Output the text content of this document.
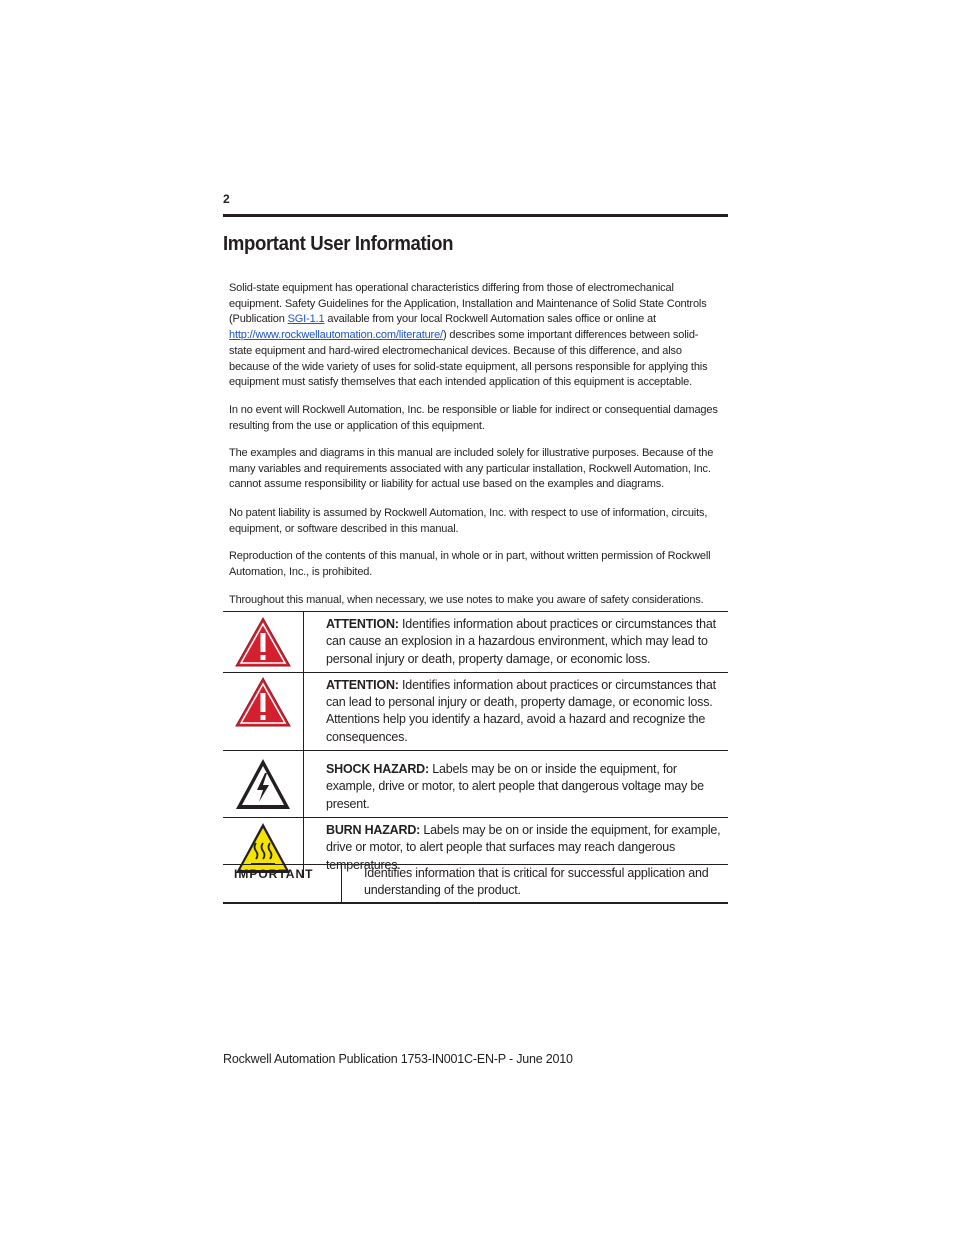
2
Important User Information

Solid-state equipment has operational characteristics differing from those of electromechanical equipment. Safety Guidelines for the Application, Installation and Maintenance of Solid State Controls (Publication SGI-1.1 available from your local Rockwell Automation sales office or online at http://www.rockwellautomation.com/literature/) describes some important differences between solid-state equipment and hard-wired electromechanical devices. Because of this difference, and also because of the wide variety of uses for solid-state equipment, all persons responsible for applying this equipment must satisfy themselves that each intended application of this equipment is acceptable.

In no event will Rockwell Automation, Inc. be responsible or liable for indirect or consequential damages resulting from the use or application of this equipment.

The examples and diagrams in this manual are included solely for illustrative purposes. Because of the many variables and requirements associated with any particular installation, Rockwell Automation, Inc. cannot assume responsibility or liability for actual use based on the examples and diagrams.

No patent liability is assumed by Rockwell Automation, Inc. with respect to use of information, circuits, equipment, or software described in this manual.

Reproduction of the contents of this manual, in whole or in part, without written permission of Rockwell Automation, Inc., is prohibited.

Throughout this manual, when necessary, we use notes to make you aware of safety considerations.

	ATTENTION: Identifies information about practices or circumstances that can cause an explosion in a hazardous environment, which may lead to personal injury or death, property damage, or economic loss.

	ATTENTION: Identifies information about practices or circumstances that can lead to personal injury or death, property damage, or economic loss. Attentions help you identify a hazard, avoid a hazard and recognize the consequences.

	SHOCK HAZARD: Labels may be on or inside the equipment, for example, drive or motor, to alert people that dangerous voltage may be present.

	BURN HAZARD: Labels may be on or inside the equipment, for example, drive or motor, to alert people that surfaces may reach dangerous temperatures.
IMPORTANT	Identifies information that is critical for successful application and understanding of the product.
Rockwell Automation Publication 1753-IN001C-EN-P - June 2010
